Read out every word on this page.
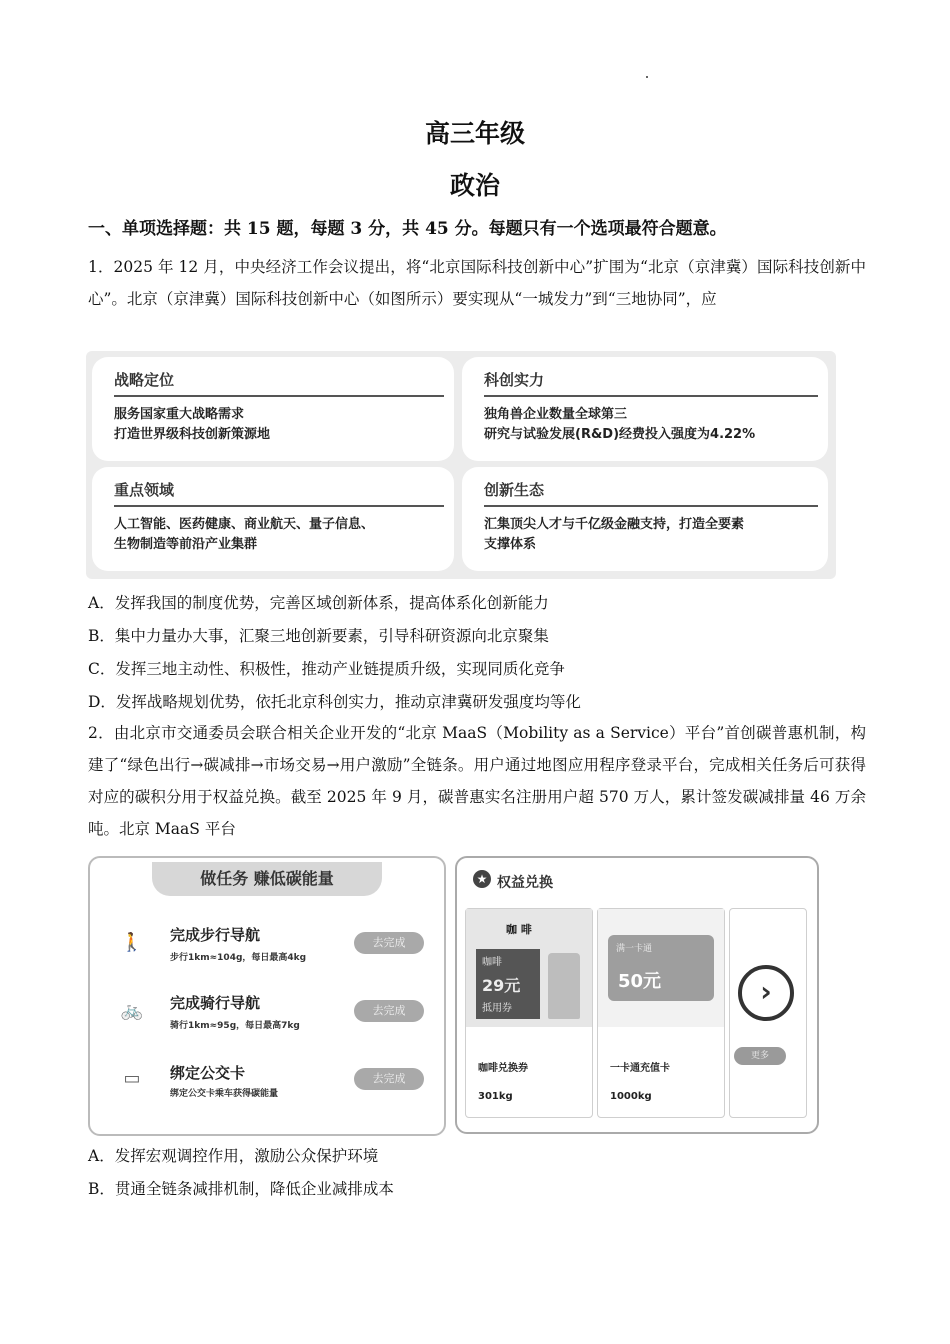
高三年级
政治
一、单项选择题：共 15 题，每题 3 分，共 45 分。每题只有一个选项最符合题意。
1．2025 年 12 月，中央经济工作会议提出，将“北京国际科技创新中心”扩围为“北京（京津冀）国际科技创新中心”。北京（京津冀）国际科技创新中心（如图所示）要实现从“一城发力”到“三地协同”，应
战略定位
服务国家重大战略需求
打造世界级科技创新策源地
科创实力
独角兽企业数量全球第三
研究与试验发展(R&D)经费投入强度为4.22%
重点领域
人工智能、医药健康、商业航天、量子信息、
生物制造等前沿产业集群
创新生态
汇集顶尖人才与千亿级金融支持，打造全要素
支撑体系
A．发挥我国的制度优势，完善区域创新体系，提高体系化创新能力
B．集中力量办大事，汇聚三地创新要素，引导科研资源向北京聚集
C．发挥三地主动性、积极性，推动产业链提质升级，实现同质化竞争
D．发挥战略规划优势，依托北京科创实力，推动京津冀研发强度均等化
2．由北京市交通委员会联合相关企业开发的“北京 MaaS（Mobility as a Service）平台”首创碳普惠机制，构建了“绿色出行→碳减排→市场交易→用户激励”全链条。用户通过地图应用程序登录平台，完成相关任务后可获得对应的碳积分用于权益兑换。截至 2025 年 9 月，碳普惠实名注册用户超 570 万人，累计签发碳减排量 46 万余吨。北京 MaaS 平台
做任务 赚低碳能量
🚶 完成步行导航
步行1km≈104g，每日最高4kg
去完成
🚲 完成骑行导航
骑行1km≈95g，每日最高7kg
去完成
▭ 绑定公交卡
绑定公交卡乘车获得碳能量
去完成
★ 权益兑换
咖 啡
咖啡
29元
抵用券
咖啡兑换券
301kg
满一卡通
50元
一卡通充值卡
1000kg
›
更多
A．发挥宏观调控作用，激励公众保护环境
B．贯通全链条减排机制，降低企业减排成本
